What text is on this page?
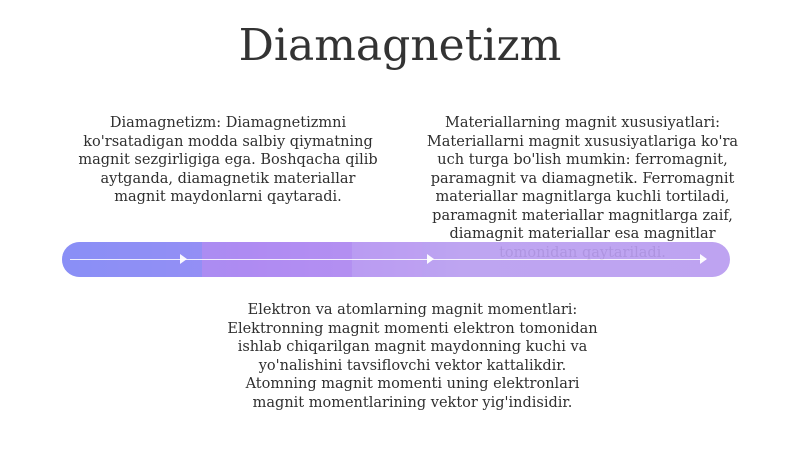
Diamagnetizm
Diamagnetizm: Diamagnetizmni ko'rsatadigan modda salbiy qiymatning magnit sezgirligiga ega. Boshqacha qilib aytganda, diamagnetik materiallar magnit maydonlarni qaytaradi.
Materiallarning magnit xususiyatlari: Materiallarni magnit xususiyatlariga ko'ra uch turga bo'lish mumkin: ferromagnit, paramagnit va diamagnetik. Ferromagnit materiallar magnitlarga kuchli tortiladi, paramagnit materiallar magnitlarga zaif, diamagnit materiallar esa magnitlar
Elektron va atomlarning magnit momentlari: Elektronning magnit momenti elektron tomonidan ishlab chiqarilgan magnit maydonning kuchi va yo'nalishini tavsiflovchi vektor kattalikdir. Atomning magnit momenti uning elektronlari magnit momentlarining vektor yig'indisidir.
